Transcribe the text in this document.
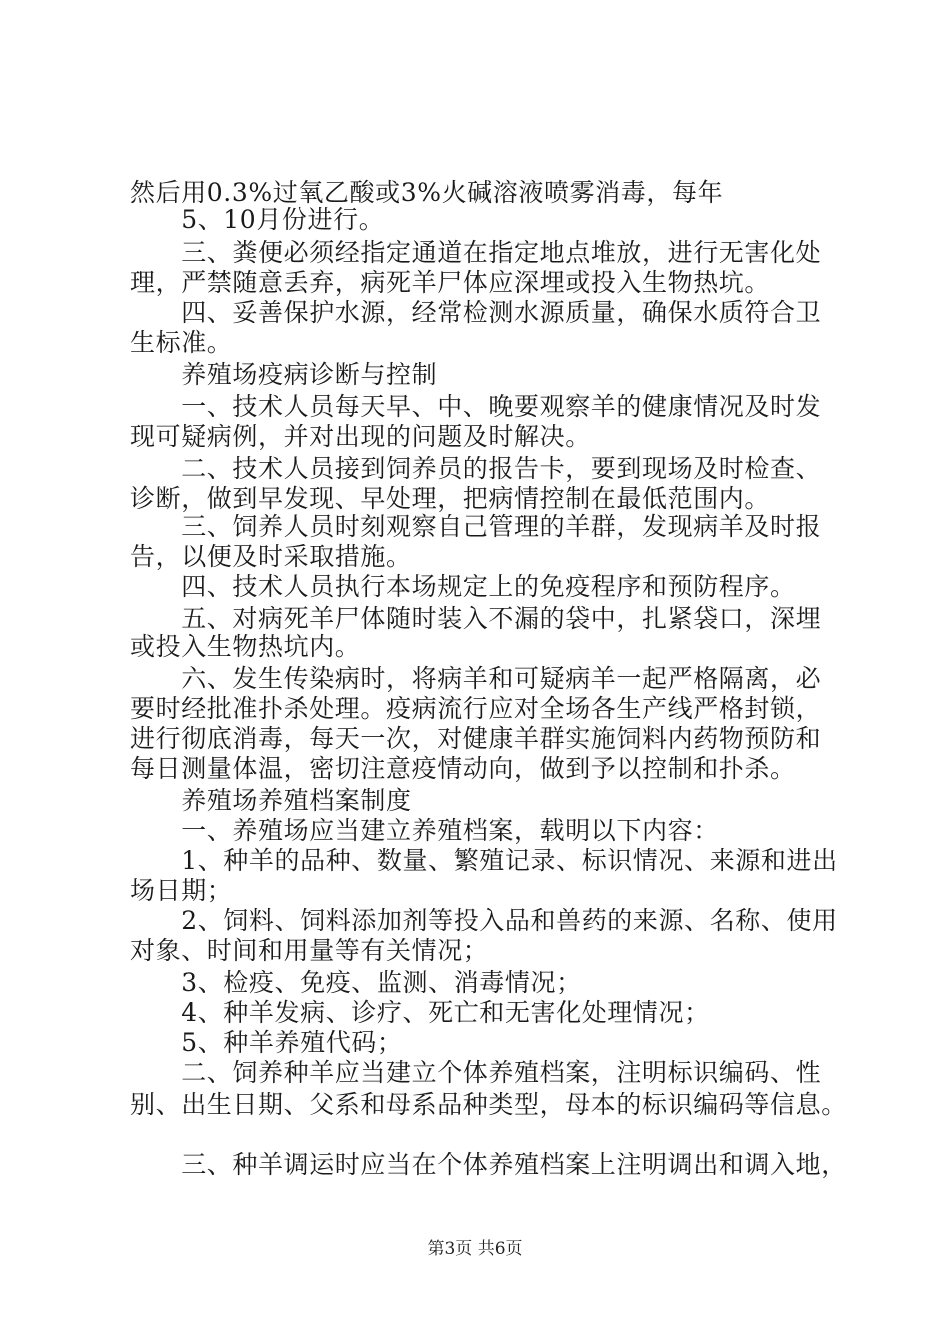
然后用0.3%过氧乙酸或3%火碱溶液喷雾消毒，每年
　　5、10月份进行。
　　三、粪便必须经指定通道在指定地点堆放，进行无害化处
理，严禁随意丢弃，病死羊尸体应深埋或投入生物热坑。
　　四、妥善保护水源，经常检测水源质量，确保水质符合卫
生标准。
　　养殖场疫病诊断与控制
　　一、技术人员每天早、中、晚要观察羊的健康情况及时发
现可疑病例，并对出现的问题及时解决。
　　二、技术人员接到饲养员的报告卡，要到现场及时检查、
诊断，做到早发现、早处理，把病情控制在最低范围内。
　　三、饲养人员时刻观察自己管理的羊群，发现病羊及时报
告，以便及时采取措施。
　　四、技术人员执行本场规定上的免疫程序和预防程序。
　　五、对病死羊尸体随时装入不漏的袋中，扎紧袋口，深埋
或投入生物热坑内。
　　六、发生传染病时，将病羊和可疑病羊一起严格隔离，必
要时经批准扑杀处理。疫病流行应对全场各生产线严格封锁，
进行彻底消毒，每天一次，对健康羊群实施饲料内药物预防和
每日测量体温，密切注意疫情动向，做到予以控制和扑杀。
　　养殖场养殖档案制度
　　一、养殖场应当建立养殖档案，载明以下内容：
　　1、种羊的品种、数量、繁殖记录、标识情况、来源和进出
场日期；
　　2、饲料、饲料添加剂等投入品和兽药的来源、名称、使用
对象、时间和用量等有关情况；
　　3、检疫、免疫、监测、消毒情况；
　　4、种羊发病、诊疗、死亡和无害化处理情况；
　　5、种羊养殖代码；
　　二、饲养种羊应当建立个体养殖档案，注明标识编码、性
别、出生日期、父系和母系品种类型，母本的标识编码等信息。
　　三、种羊调运时应当在个体养殖档案上注明调出和调入地，
第3页 共6页
